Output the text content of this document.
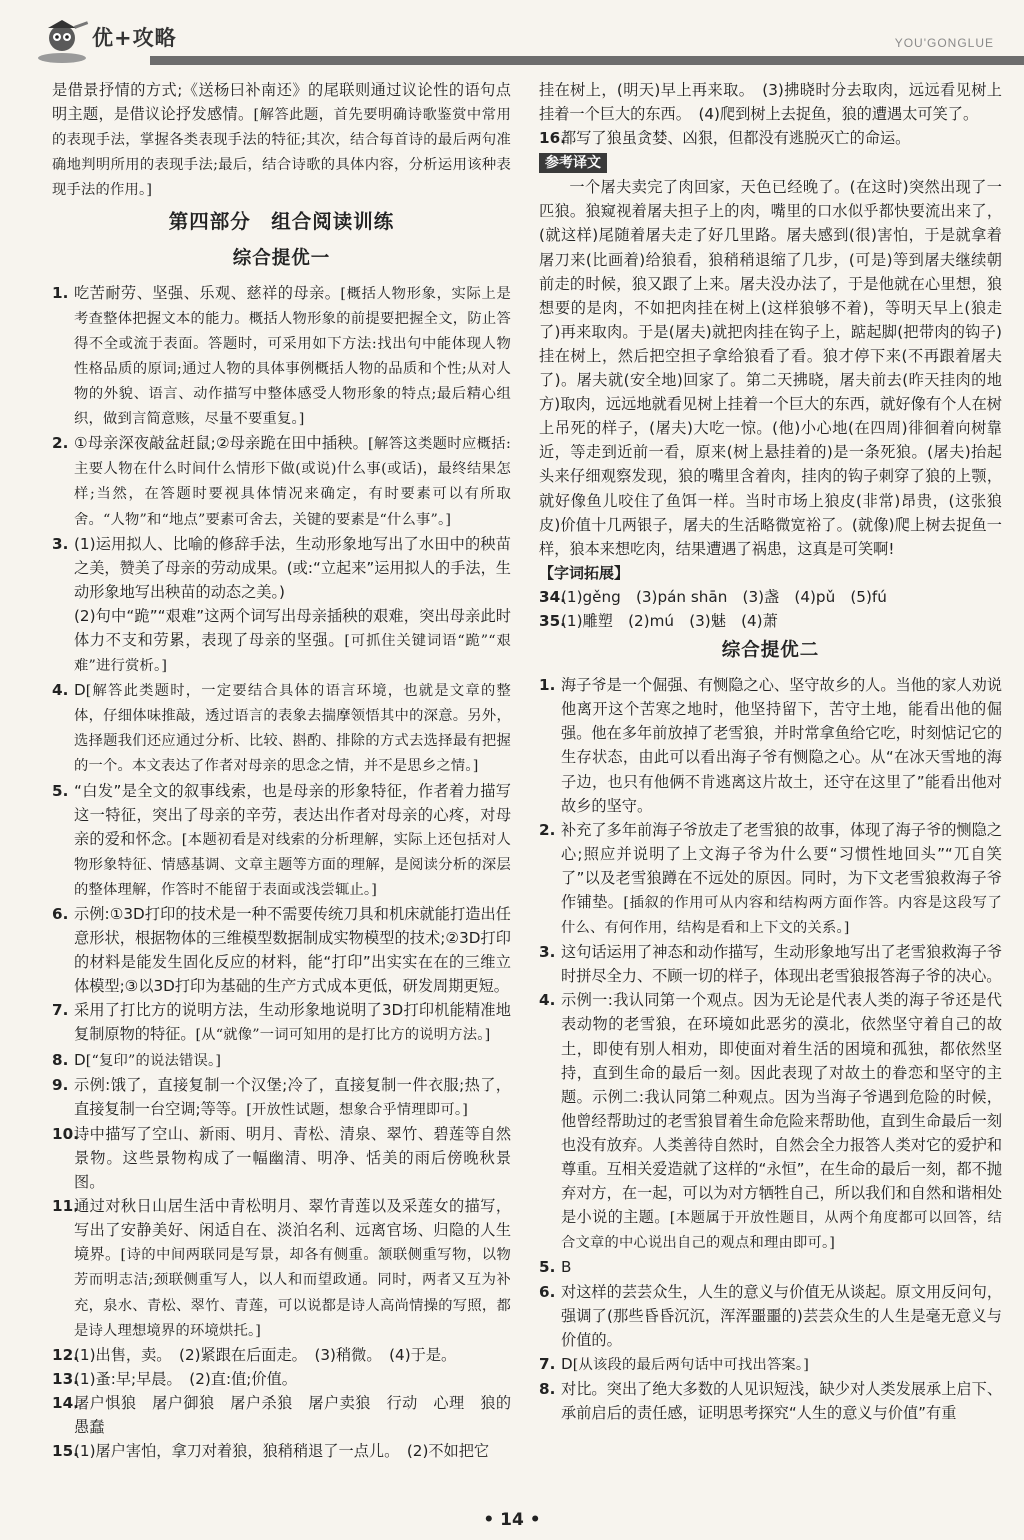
优+攻略	YOU'GONGLUE
是借景抒情的方式;《送杨曰补南还》的尾联则通过议论性的语句点明主题，是借议论抒发感情。[解答此题，首先要明确诗歌鉴赏中常用的表现手法，掌握各类表现手法的特征;其次，结合每首诗的最后两句准确地判明所用的表现手法;最后，结合诗歌的具体内容，分析运用该种表现手法的作用。]
第四部分　组合阅读训练
综合提优一
1. 吃苦耐劳、坚强、乐观、慈祥的母亲。[概括人物形象，实际上是考查整体把握文本的能力。概括人物形象的前提要把握全文，防止答得不全或流于表面。答题时，可采用如下方法:找出句中能体现人物性格品质的原词;通过人物的具体事例概括人物的品质和个性;从对人物的外貌、语言、动作描写中整体感受人物形象的特点;最后精心组织，做到言简意赅，尽量不要重复。]
2. ①母亲深夜敲盆赶鼠;②母亲跪在田中插秧。[解答这类题时应概括:主要人物在什么时间什么情形下做(或说)什么事(或话)，最终结果怎样;当然，在答题时要视具体情况来确定，有时要素可以有所取舍。“人物”和“地点”要素可舍去，关键的要素是“什么事”。]
3. (1)运用拟人、比喻的修辞手法，生动形象地写出了水田中的秧苗之美，赞美了母亲的劳动成果。(或:“立起来”运用拟人的手法，生动形象地写出秧苗的动态之美。)
(2)句中“跪”“艰难”这两个词写出母亲插秧的艰难，突出母亲此时体力不支和劳累，表现了母亲的坚强。[可抓住关键词语“跪”“艰难”进行赏析。]
4. D[解答此类题时，一定要结合具体的语言环境，也就是文章的整体，仔细体味推敲，透过语言的表象去揣摩领悟其中的深意。另外，选择题我们还应通过分析、比较、斟酌、排除的方式去选择最有把握的一个。本文表达了作者对母亲的思念之情，并不是思乡之情。]
5. “白发”是全文的叙事线索，也是母亲的形象特征，作者着力描写这一特征，突出了母亲的辛劳，表达出作者对母亲的心疼，对母亲的爱和怀念。[本题初看是对线索的分析理解，实际上还包括对人物形象特征、情感基调、文章主题等方面的理解，是阅读分析的深层的整体理解，作答时不能留于表面或浅尝辄止。]
6. 示例:①3D打印的技术是一种不需要传统刀具和机床就能打造出任意形状，根据物体的三维模型数据制成实物模型的技术;②3D打印的材料是能发生固化反应的材料，能“打印”出实实在在的三维立体模型;③以3D打印为基础的生产方式成本更低，研发周期更短。
7. 采用了打比方的说明方法，生动形象地说明了3D打印机能精准地复制原物的特征。[从“就像”一词可知用的是打比方的说明方法。]
8. D[“复印”的说法错误。]
9. 示例:饿了，直接复制一个汉堡;冷了，直接复制一件衣服;热了，直接复制一台空调;等等。[开放性试题，想象合乎情理即可。]
10.
诗中描写了空山、新雨、明月、青松、清泉、翠竹、碧莲等自然景物。这些景物构成了一幅幽清、明净、恬美的雨后傍晚秋景图。
11.
通过对秋日山居生活中青松明月、翠竹青莲以及采莲女的描写，写出了安静美好、闲适自在、淡泊名利、远离官场、归隐的人生境界。[诗的中间两联同是写景，却各有侧重。颔联侧重写物，以物芳而明志洁;颈联侧重写人，以人和而望政通。同时，两者又互为补充，泉水、青松、翠竹、青莲，可以说都是诗人高尚情操的写照，都是诗人理想境界的环境烘托。]
12.
(1)出售，卖。　(2)紧跟在后面走。　(3)稍微。　(4)于是。
13.
(1)蚤:早;早晨。　(2)直:值;价值。
14.
屠户惧狼　屠户御狼　屠户杀狼　屠户卖狼　行动　心理　狼的愚蠢
15.
(1)屠户害怕，拿刀对着狼，狼稍稍退了一点儿。　(2)不如把它
挂在树上，(明天)早上再来取。　(3)拂晓时分去取肉，远远看见树上挂着一个巨大的东西。　(4)爬到树上去捉鱼，狼的遭遇太可笑了。
16.
都写了狼虽贪婪、凶狠，但都没有逃脱灭亡的命运。
参考译文
一个屠夫卖完了肉回家，天色已经晚了。(在这时)突然出现了一匹狼。狼窥视着屠夫担子上的肉，嘴里的口水似乎都快要流出来了，(就这样)尾随着屠夫走了好几里路。屠夫感到(很)害怕，于是就拿着屠刀来(比画着)给狼看，狼稍稍退缩了几步，(可是)等到屠夫继续朝前走的时候，狼又跟了上来。屠夫没办法了，于是他就在心里想，狼想要的是肉，不如把肉挂在树上(这样狼够不着)，等明天早上(狼走了)再来取肉。于是(屠夫)就把肉挂在钩子上，踮起脚(把带肉的钩子)挂在树上，然后把空担子拿给狼看了看。狼才停下来(不再跟着屠夫了)。屠夫就(安全地)回家了。第二天拂晓，屠夫前去(昨天挂肉的地方)取肉，远远地就看见树上挂着一个巨大的东西，就好像有个人在树上吊死的样子，(屠夫)大吃一惊。(他)小心地(在四周)徘徊着向树靠近，等走到近前一看，原来(树上悬挂着的)是一条死狼。(屠夫)抬起头来仔细观察发现，狼的嘴里含着肉，挂肉的钩子刺穿了狼的上颚，就好像鱼儿咬住了鱼饵一样。当时市场上狼皮(非常)昂贵，(这张狼皮)价值十几两银子，屠夫的生活略微宽裕了。(就像)爬上树去捉鱼一样，狼本来想吃肉，结果遭遇了祸患，这真是可笑啊!
【字词拓展】
34.
(1)gěng　(3)pán shān　(3)盏　(4)pǔ　(5)fú
35.
(1)雕塑　(2)mú　(3)魅　(4)萧
综合提优二
1. 海子爷是一个倔强、有恻隐之心、坚守故乡的人。当他的家人劝说他离开这个苦寒之地时，他坚持留下，苦守土地，能看出他的倔强。他在多年前放掉了老雪狼，并时常拿鱼给它吃，时刻惦记它的生存状态，由此可以看出海子爷有恻隐之心。从“在冰天雪地的海子边，也只有他俩不肯逃离这片故土，还守在这里了”能看出他对故乡的坚守。
2. 补充了多年前海子爷放走了老雪狼的故事，体现了海子爷的恻隐之心;照应并说明了上文海子爷为什么要“习惯性地回头”“兀自笑了”以及老雪狼蹲在不远处的原因。同时，为下文老雪狼救海子爷作铺垫。[插叙的作用可从内容和结构两方面作答。内容是这段写了什么、有何作用，结构是看和上下文的关系。]
3. 这句话运用了神态和动作描写，生动形象地写出了老雪狼救海子爷时拼尽全力、不顾一切的样子，体现出老雪狼报答海子爷的决心。
4. 示例一:我认同第一个观点。因为无论是代表人类的海子爷还是代表动物的老雪狼，在环境如此恶劣的漠北，依然坚守着自己的故土，即使有别人相劝，即使面对着生活的困境和孤独，都依然坚持，直到生命的最后一刻。因此表现了对故土的眷恋和坚守的主题。示例二:我认同第二种观点。因为当海子爷遇到危险的时候，他曾经帮助过的老雪狼冒着生命危险来帮助他，直到生命最后一刻也没有放弃。人类善待自然时，自然会全力报答人类对它的爱护和尊重。互相关爱造就了这样的“永恒”，在生命的最后一刻，都不抛弃对方，在一起，可以为对方牺牲自己，所以我们和自然和谐相处是小说的主题。[本题属于开放性题目，从两个角度都可以回答，结合文章的中心说出自己的观点和理由即可。]
5. B
6. 对这样的芸芸众生，人生的意义与价值无从谈起。原文用反问句，强调了(那些昏昏沉沉，浑浑噩噩的)芸芸众生的人生是毫无意义与价值的。
7. D[从该段的最后两句话中可找出答案。]
8. 对比。突出了绝大多数的人见识短浅，缺少对人类发展承上启下、承前启后的责任感，证明思考探究“人生的意义与价值”有重
• 14 •
